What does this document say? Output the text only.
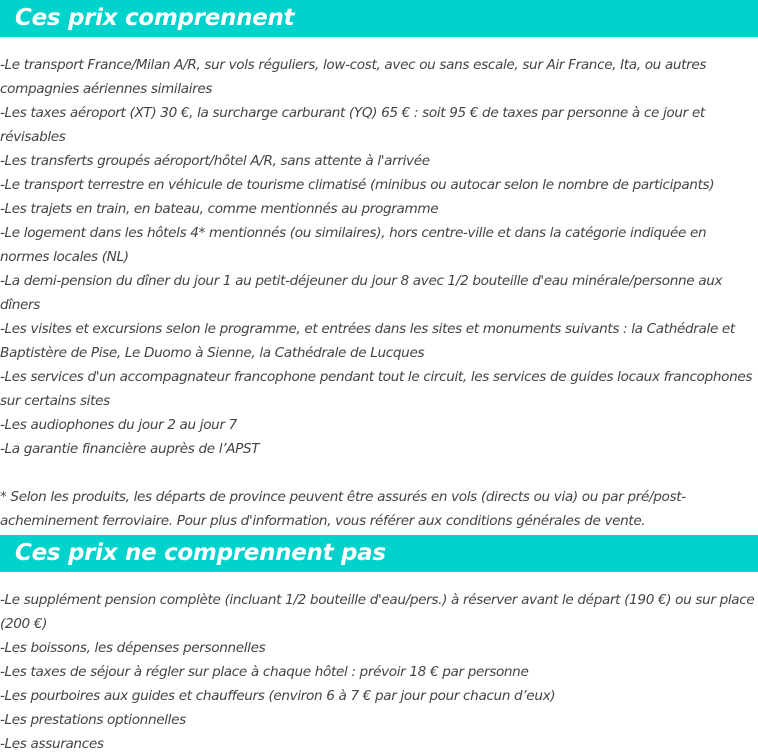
Ces prix comprennent

-Le transport France/Milan A/R, sur vols réguliers, low-cost, avec ou sans escale, sur Air France, Ita, ou autres compagnies aériennes similaires

-Les taxes aéroport (XT) 30 €, la surcharge carburant (YQ) 65 € : soit 95 € de taxes par personne à ce jour et révisables

-Les transferts groupés aéroport/hôtel A/R, sans attente à l'arrivée

-Le transport terrestre en véhicule de tourisme climatisé (minibus ou autocar selon le nombre de participants)

-Les trajets en train, en bateau, comme mentionnés au programme

-Le logement dans les hôtels 4* mentionnés (ou similaires), hors centre-ville et dans la catégorie indiquée en normes locales (NL)

-La demi-pension du dîner du jour 1 au petit-déjeuner du jour 8 avec 1/2 bouteille d'eau minérale/personne aux dîners

-Les visites et excursions selon le programme, et entrées dans les sites et monuments suivants : la Cathédrale et Baptistère de Pise, Le Duomo à Sienne, la Cathédrale de Lucques

-Les services d'un accompagnateur francophone pendant tout le circuit, les services de guides locaux francophones sur certains sites

-Les audiophones du jour 2 au jour 7

-La garantie financière auprès de l’APST

* Selon les produits, les départs de province peuvent être assurés en vols (directs ou via) ou par pré/post-acheminement ferroviaire. Pour plus d'information, vous référer aux conditions générales de vente.

Ces prix ne comprennent pas

-Le supplément pension complète (incluant 1/2 bouteille d'eau/pers.) à réserver avant le départ (190 €) ou sur place (200 €)

-Les boissons, les dépenses personnelles

-Les taxes de séjour à régler sur place à chaque hôtel : prévoir 18 € par personne

-Les pourboires aux guides et chauffeurs (environ 6 à 7 € par jour pour chacun d’eux)

-Les prestations optionnelles

-Les assurances
